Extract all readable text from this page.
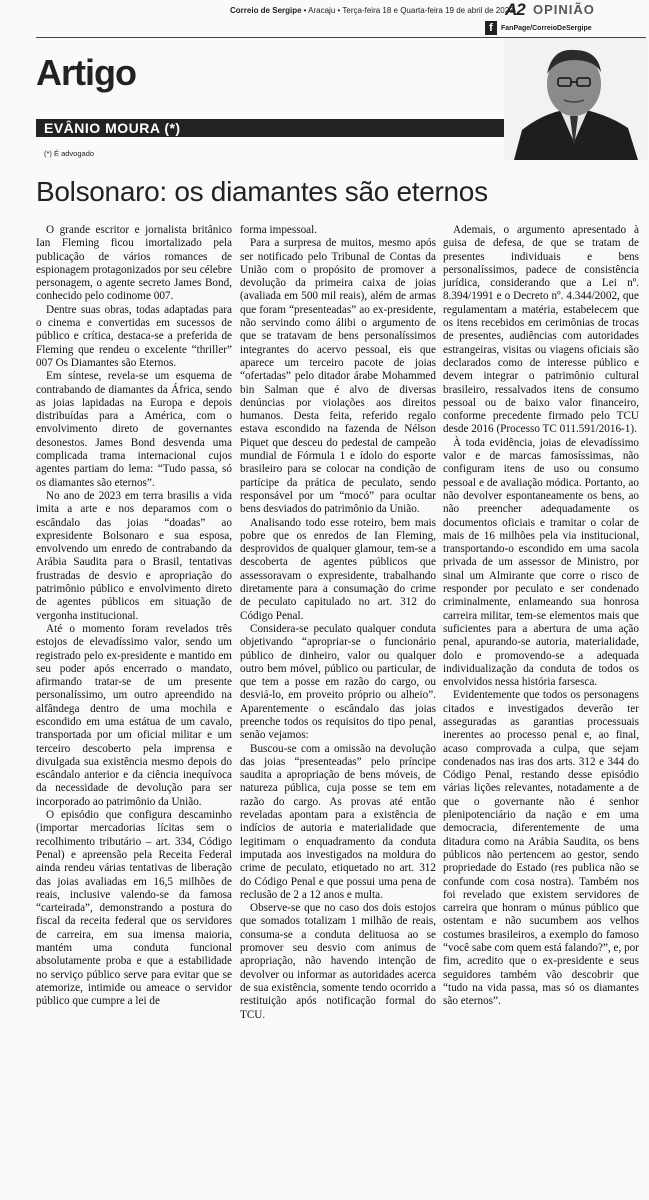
Correio de Sergipe • Aracaju • Terça-feira 18 e Quarta-feira 19 de abril de 2023
A2 OPINIÃO
f	FanPage/CorreioDeSergipe
Artigo
EVÂNIO MOURA (*)
(*) É advogado
Bolsonaro: os diamantes são eternos

O grande escritor e jornalista britânico Ian Fleming ficou imortalizado pela publicação de vários romances de espionagem protagonizados por seu célebre personagem, o agente secreto James Bond, conhecido pelo codinome 007.

Dentre suas obras, todas adaptadas para o cinema e convertidas em sucessos de público e crítica, destaca-se a preferida de Fleming que rendeu o excelente “thriller” 007 Os Diamantes são Eternos.

Em síntese, revela-se um esquema de contrabando de diamantes da África, sendo as joias lapidadas na Europa e depois distribuídas para a América, com o envolvimento direto de governantes desonestos. James Bond desvenda uma complicada trama internacional cujos agentes partiam do lema: “Tudo passa, só os diamantes são eternos”.

No ano de 2023 em terra brasilis a vida imita a arte e nos deparamos com o escândalo das joias “doadas” ao expresidente Bolsonaro e sua esposa, envolvendo um enredo de contrabando da Arábia Saudita para o Brasil, tentativas frustradas de desvio e apropriação do patrimônio público e envolvimento direto de agentes públicos em situação de vergonha institucional.

Até o momento foram revelados três estojos de elevadíssimo valor, sendo um registrado pelo ex-presidente e mantido em seu poder após encerrado o mandato, afirmando tratar-se de um presente personalíssimo, um outro apreendido na alfândega dentro de uma mochila e escondido em uma estátua de um cavalo, transportada por um oficial militar e um terceiro descoberto pela imprensa e divulgada sua existência mesmo depois do escândalo anterior e da ciência inequívoca da necessidade de devolução para ser incorporado ao patrimônio da União.

O episódio que configura descaminho (importar mercadorias lícitas sem o recolhimento tributário – art. 334, Código Penal) e apreensão pela Receita Federal ainda rendeu várias tentativas de liberação das joias avaliadas em 16,5 milhões de reais, inclusive valendo-se da famosa “carteirada”, demonstrando a postura do fiscal da receita federal que os servidores de carreira, em sua imensa maioria, mantém uma conduta funcional absolutamente proba e que a estabilidade no serviço público serve para evitar que se atemorize, intimide ou ameace o servidor público que cumpre a lei de

forma impessoal.

Para a surpresa de muitos, mesmo após ser notificado pelo Tribunal de Contas da União com o propósito de promover a devolução da primeira caixa de joias (avaliada em 500 mil reais), além de armas que foram “presenteadas” ao ex-presidente, não servindo como álibi o argumento de que se tratavam de bens personalíssimos integrantes do acervo pessoal, eis que aparece um terceiro pacote de joias “ofertadas” pelo ditador árabe Mohammed bin Salman que é alvo de diversas denúncias por violações aos direitos humanos. Desta feita, referido regalo estava escondido na fazenda de Nélson Piquet que desceu do pedestal de campeão mundial de Fórmula 1 e ídolo do esporte brasileiro para se colocar na condição de partícipe da prática de peculato, sendo responsável por um “mocó” para ocultar bens desviados do patrimônio da União.

Analisando todo esse roteiro, bem mais pobre que os enredos de Ian Fleming, desprovidos de qualquer glamour, tem-se a descoberta de agentes públicos que assessoravam o expresidente, trabalhando diretamente para a consumação do crime de peculato capitulado no art. 312 do Código Penal.

Considera-se peculato qualquer conduta objetivando “apropriar-se o funcionário público de dinheiro, valor ou qualquer outro bem móvel, público ou particular, de que tem a posse em razão do cargo, ou desviá-lo, em proveito próprio ou alheio”. Aparentemente o escândalo das joias preenche todos os requisitos do tipo penal, senão vejamos:

Buscou-se com a omissão na devolução das joias “presenteadas” pelo príncipe saudita a apropriação de bens móveis, de natureza pública, cuja posse se tem em razão do cargo. As provas até então reveladas apontam para a existência de indícios de autoria e materialidade que legitimam o enquadramento da conduta imputada aos investigados na moldura do crime de peculato, etiquetado no art. 312 do Código Penal e que possui uma pena de reclusão de 2 a 12 anos e multa.

Observe-se que no caso dos dois estojos que somados totalizam 1 milhão de reais, consuma-se a conduta delituosa ao se promover seu desvio com animus de apropriação, não havendo intenção de devolver ou informar as autoridades acerca de sua existência, somente tendo ocorrido a restituição após notificação formal do TCU.

Ademais, o argumento apresentado à guisa de defesa, de que se tratam de presentes individuais e bens personalíssimos, padece de consistência jurídica, considerando que a Lei nº. 8.394/1991 e o Decreto nº. 4.344/2002, que regulamentam a matéria, estabelecem que os itens recebidos em cerimônias de trocas de presentes, audiências com autoridades estrangeiras, visitas ou viagens oficiais são declarados como de interesse público e devem integrar o patrimônio cultural brasileiro, ressalvados itens de consumo pessoal ou de baixo valor financeiro, conforme precedente firmado pelo TCU desde 2016 (Processo TC 011.591/2016-1).

À toda evidência, joias de elevadíssimo valor e de marcas famosíssimas, não configuram itens de uso ou consumo pessoal e de avaliação módica. Portanto, ao não devolver espontaneamente os bens, ao não preencher adequadamente os documentos oficiais e tramitar o colar de mais de 16 milhões pela via institucional, transportando-o escondido em uma sacola privada de um assessor de Ministro, por sinal um Almirante que corre o risco de responder por peculato e ser condenado criminalmente, enlameando sua honrosa carreira militar, tem-se elementos mais que suficientes para a abertura de uma ação penal, apurando-se autoria, materialidade, dolo e promovendo-se a adequada individualização da conduta de todos os envolvidos nessa história farsesca.

Evidentemente que todos os personagens citados e investigados deverão ter asseguradas as garantias processuais inerentes ao processo penal e, ao final, acaso comprovada a culpa, que sejam condenados nas iras dos arts. 312 e 344 do Código Penal, restando desse episódio várias lições relevantes, notadamente a de que o governante não é senhor plenipotenciário da nação e em uma democracia, diferentemente de uma ditadura como na Arábia Saudita, os bens públicos não pertencem ao gestor, sendo propriedade do Estado (res publica não se confunde com cosa nostra). Também nos foi revelado que existem servidores de carreira que honram o múnus público que ostentam e não sucumbem aos velhos costumes brasileiros, a exemplo do famoso “você sabe com quem está falando?”, e, por fim, acredito que o ex-presidente e seus seguidores também vão descobrir que “tudo na vida passa, mas só os diamantes são eternos”.
